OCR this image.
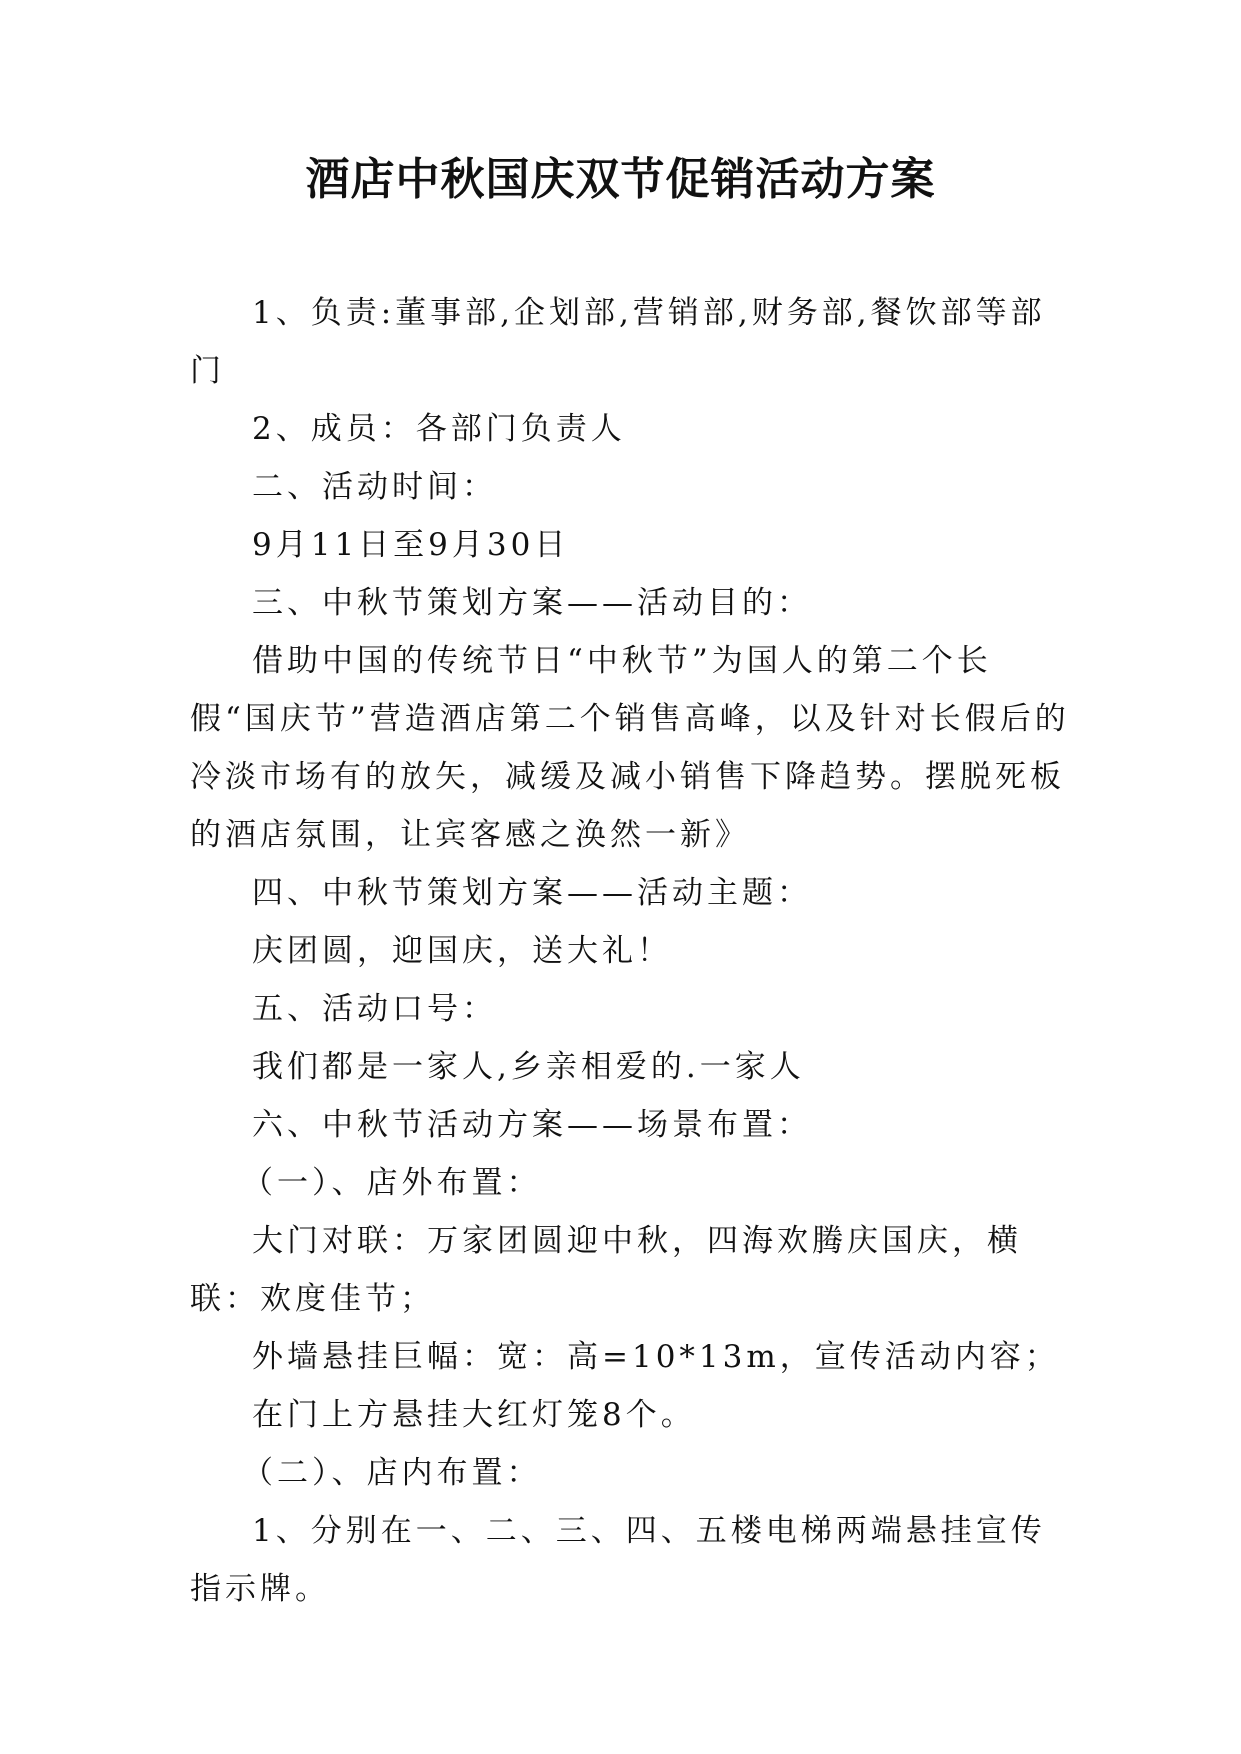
酒店中秋国庆双节促销活动方案

1、负责:董事部,企划部,营销部,财务部,餐饮部等部门

2、成员：各部门负责人

二、活动时间：

9月11日至9月30日

三、中秋节策划方案——活动目的：

借助中国的传统节日“中秋节”为国人的第二个长假“国庆节”营造酒店第二个销售高峰，以及针对长假后的冷淡市场有的放矢，减缓及减小销售下降趋势。摆脱死板的酒店氛围，让宾客感之涣然一新》

四、中秋节策划方案——活动主题：

庆团圆，迎国庆，送大礼！

五、活动口号：

我们都是一家人,乡亲相爱的.一家人

六、中秋节活动方案——场景布置：

（一）、店外布置：

大门对联：万家团圆迎中秋，四海欢腾庆国庆，横联：欢度佳节；

外墙悬挂巨幅：宽：高=10*13m，宣传活动内容；

在门上方悬挂大红灯笼8个。

（二）、店内布置：

1、分别在一、二、三、四、五楼电梯两端悬挂宣传指示牌。
